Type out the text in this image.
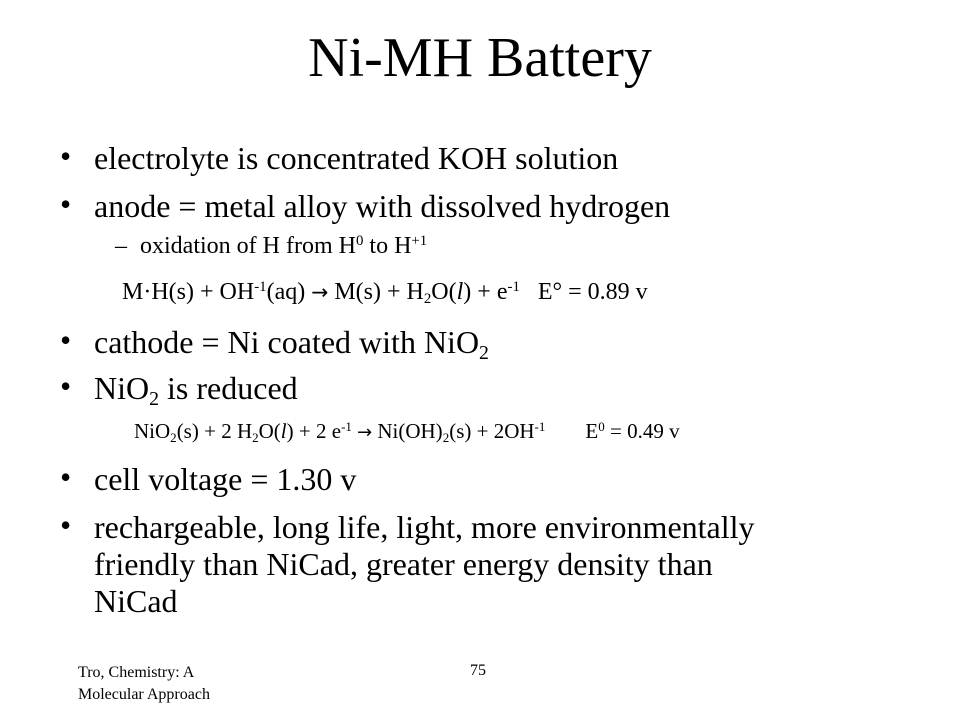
Ni-MH Battery
• electrolyte is concentrated KOH solution
• anode = metal alloy with dissolved hydrogen
– oxidation of H from $H^0$ to $H^{+1}$
$M\cdot H(s) + OH^{-1}(aq) \to M(s) + H_2O(l) + e^{-1}$ E° = 0.89 v
• cathode = Ni coated with NiO$_2$
• NiO$_2$ is reduced
NiO$_2$(s) + 2 $H_2O(l) + 2$ $e^{-1} \to Ni(OH)_2(s) + 2OH^{-1}$ $E^0 = 0.49$ v
• cell voltage = 1.30 v
• rechargeable, long life, light, more environmentally
friendly than NiCad, greater energy density than
NiCad
Tro, Chemistry: A
Molecular Approach
75
